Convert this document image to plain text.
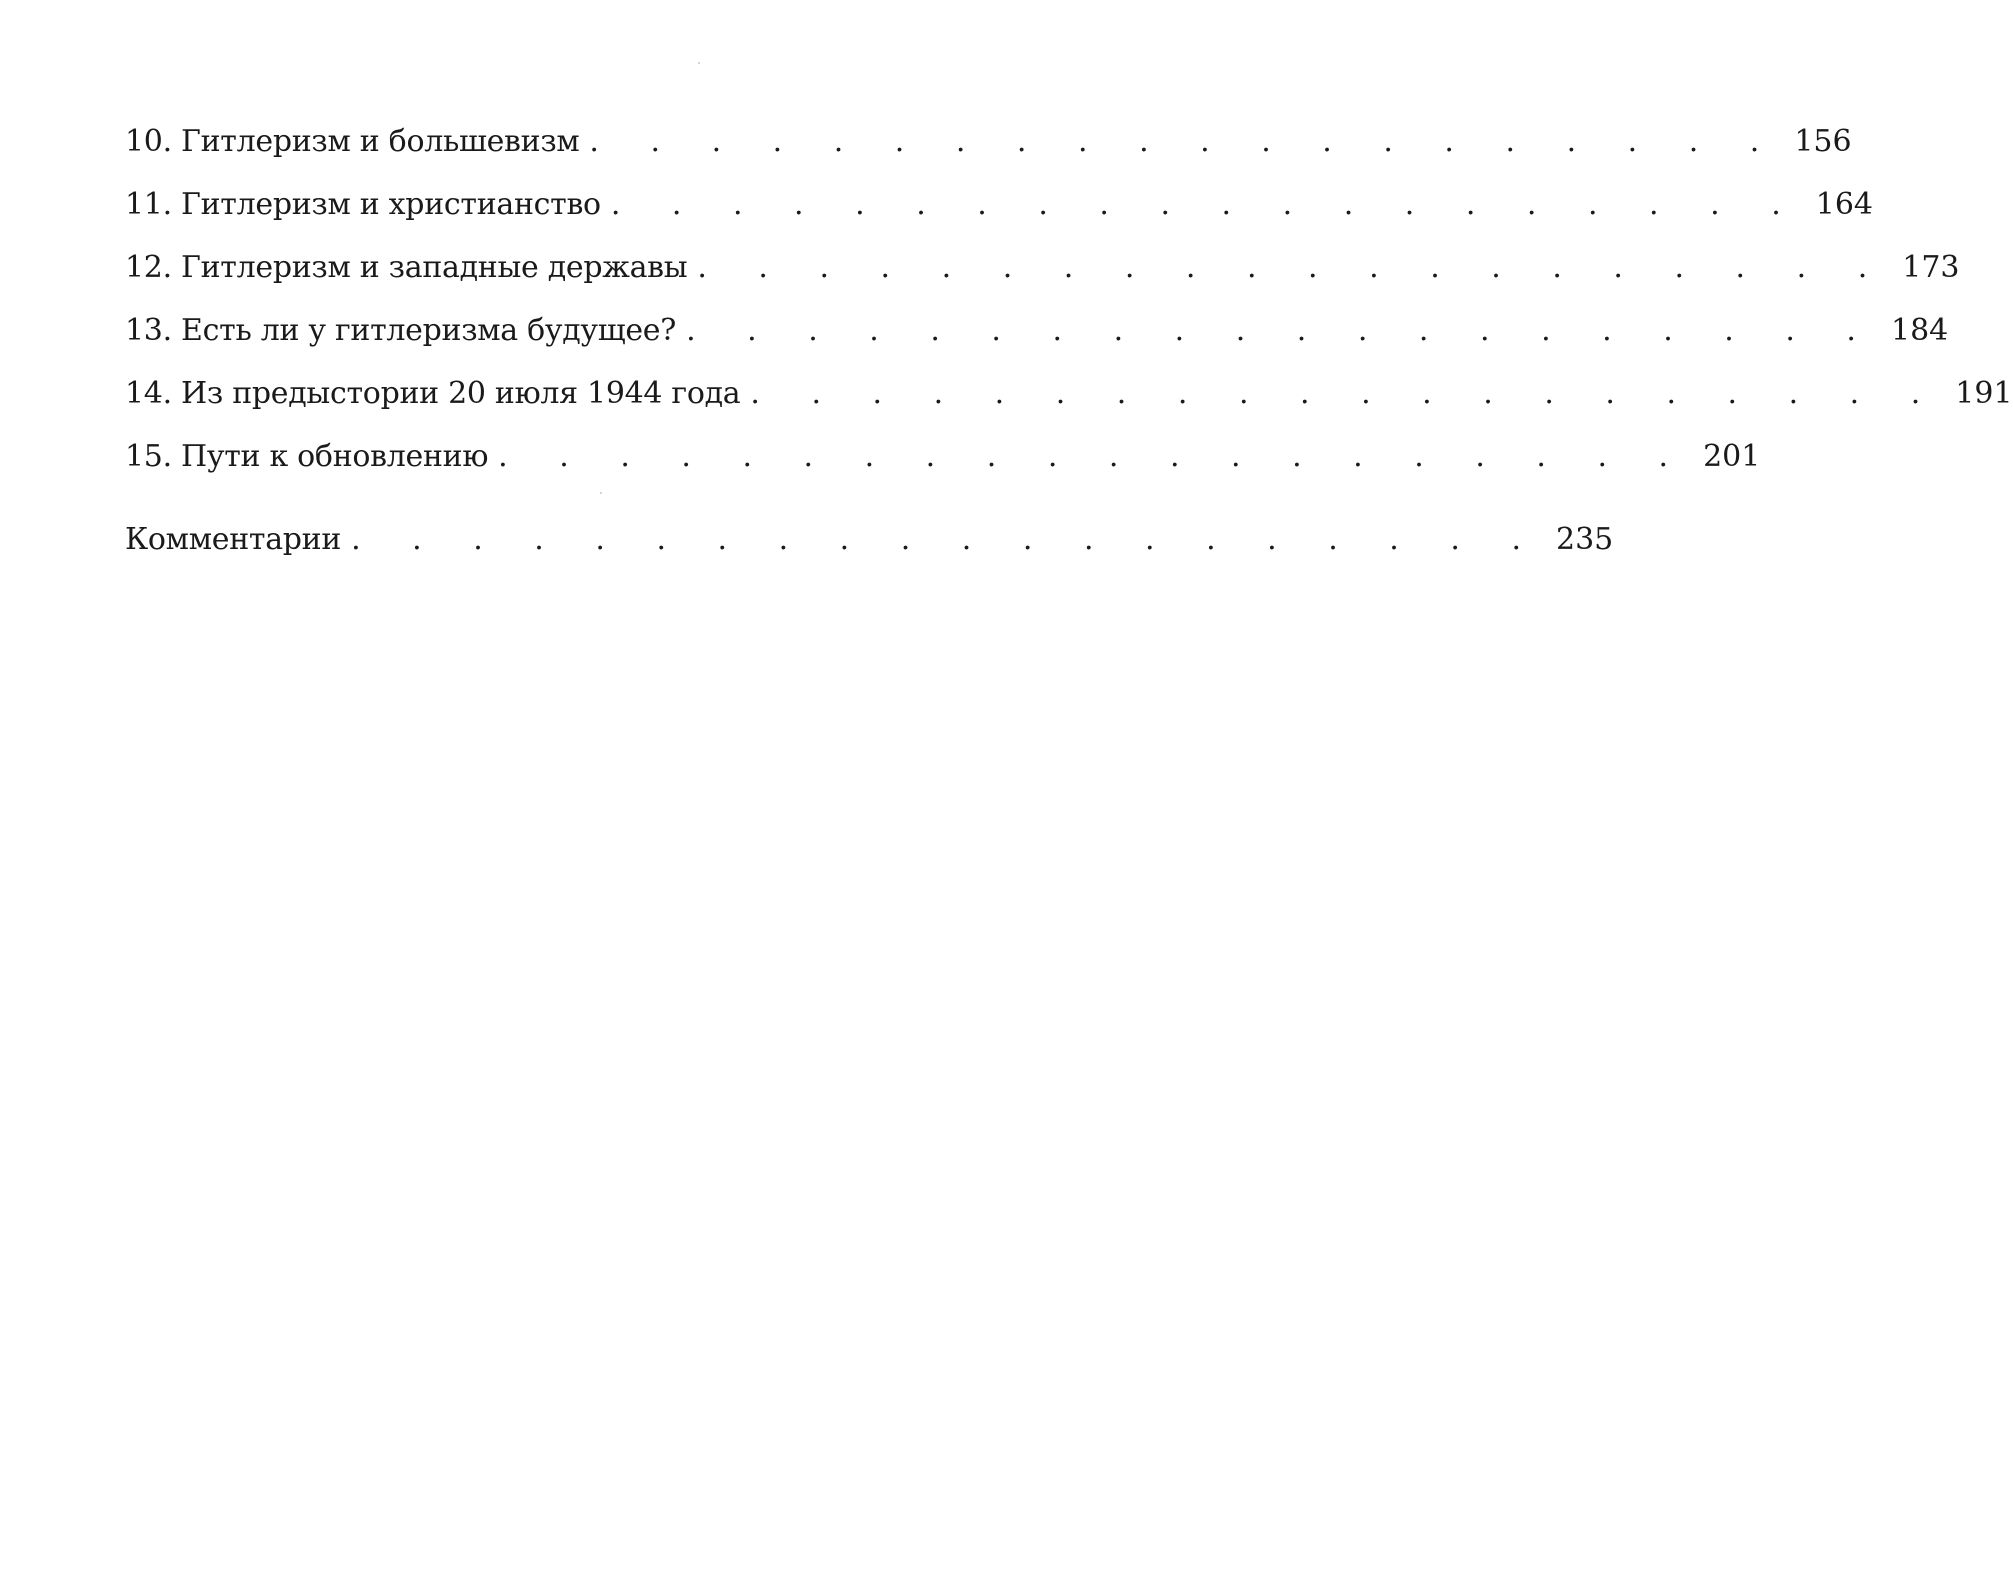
10. Гитлеризм и большевизм . . . . . . . . . . . . . . . . . . . . 156
11. Гитлеризм и христианство . . . . . . . . . . . . . . . . . . . . 164
12. Гитлеризм и западные державы . . . . . . . . . . . . . . . . . . . . 173
13. Есть ли у гитлеризма будущее? . . . . . . . . . . . . . . . . . . . . 184
14. Из предыстории 20 июля 1944 года . . . . . . . . . . . . . . . . . . . . 191
15. Пути к обновлению . . . . . . . . . . . . . . . . . . . . 201
Комментарии . . . . . . . . . . . . . . . . . . . . 235
